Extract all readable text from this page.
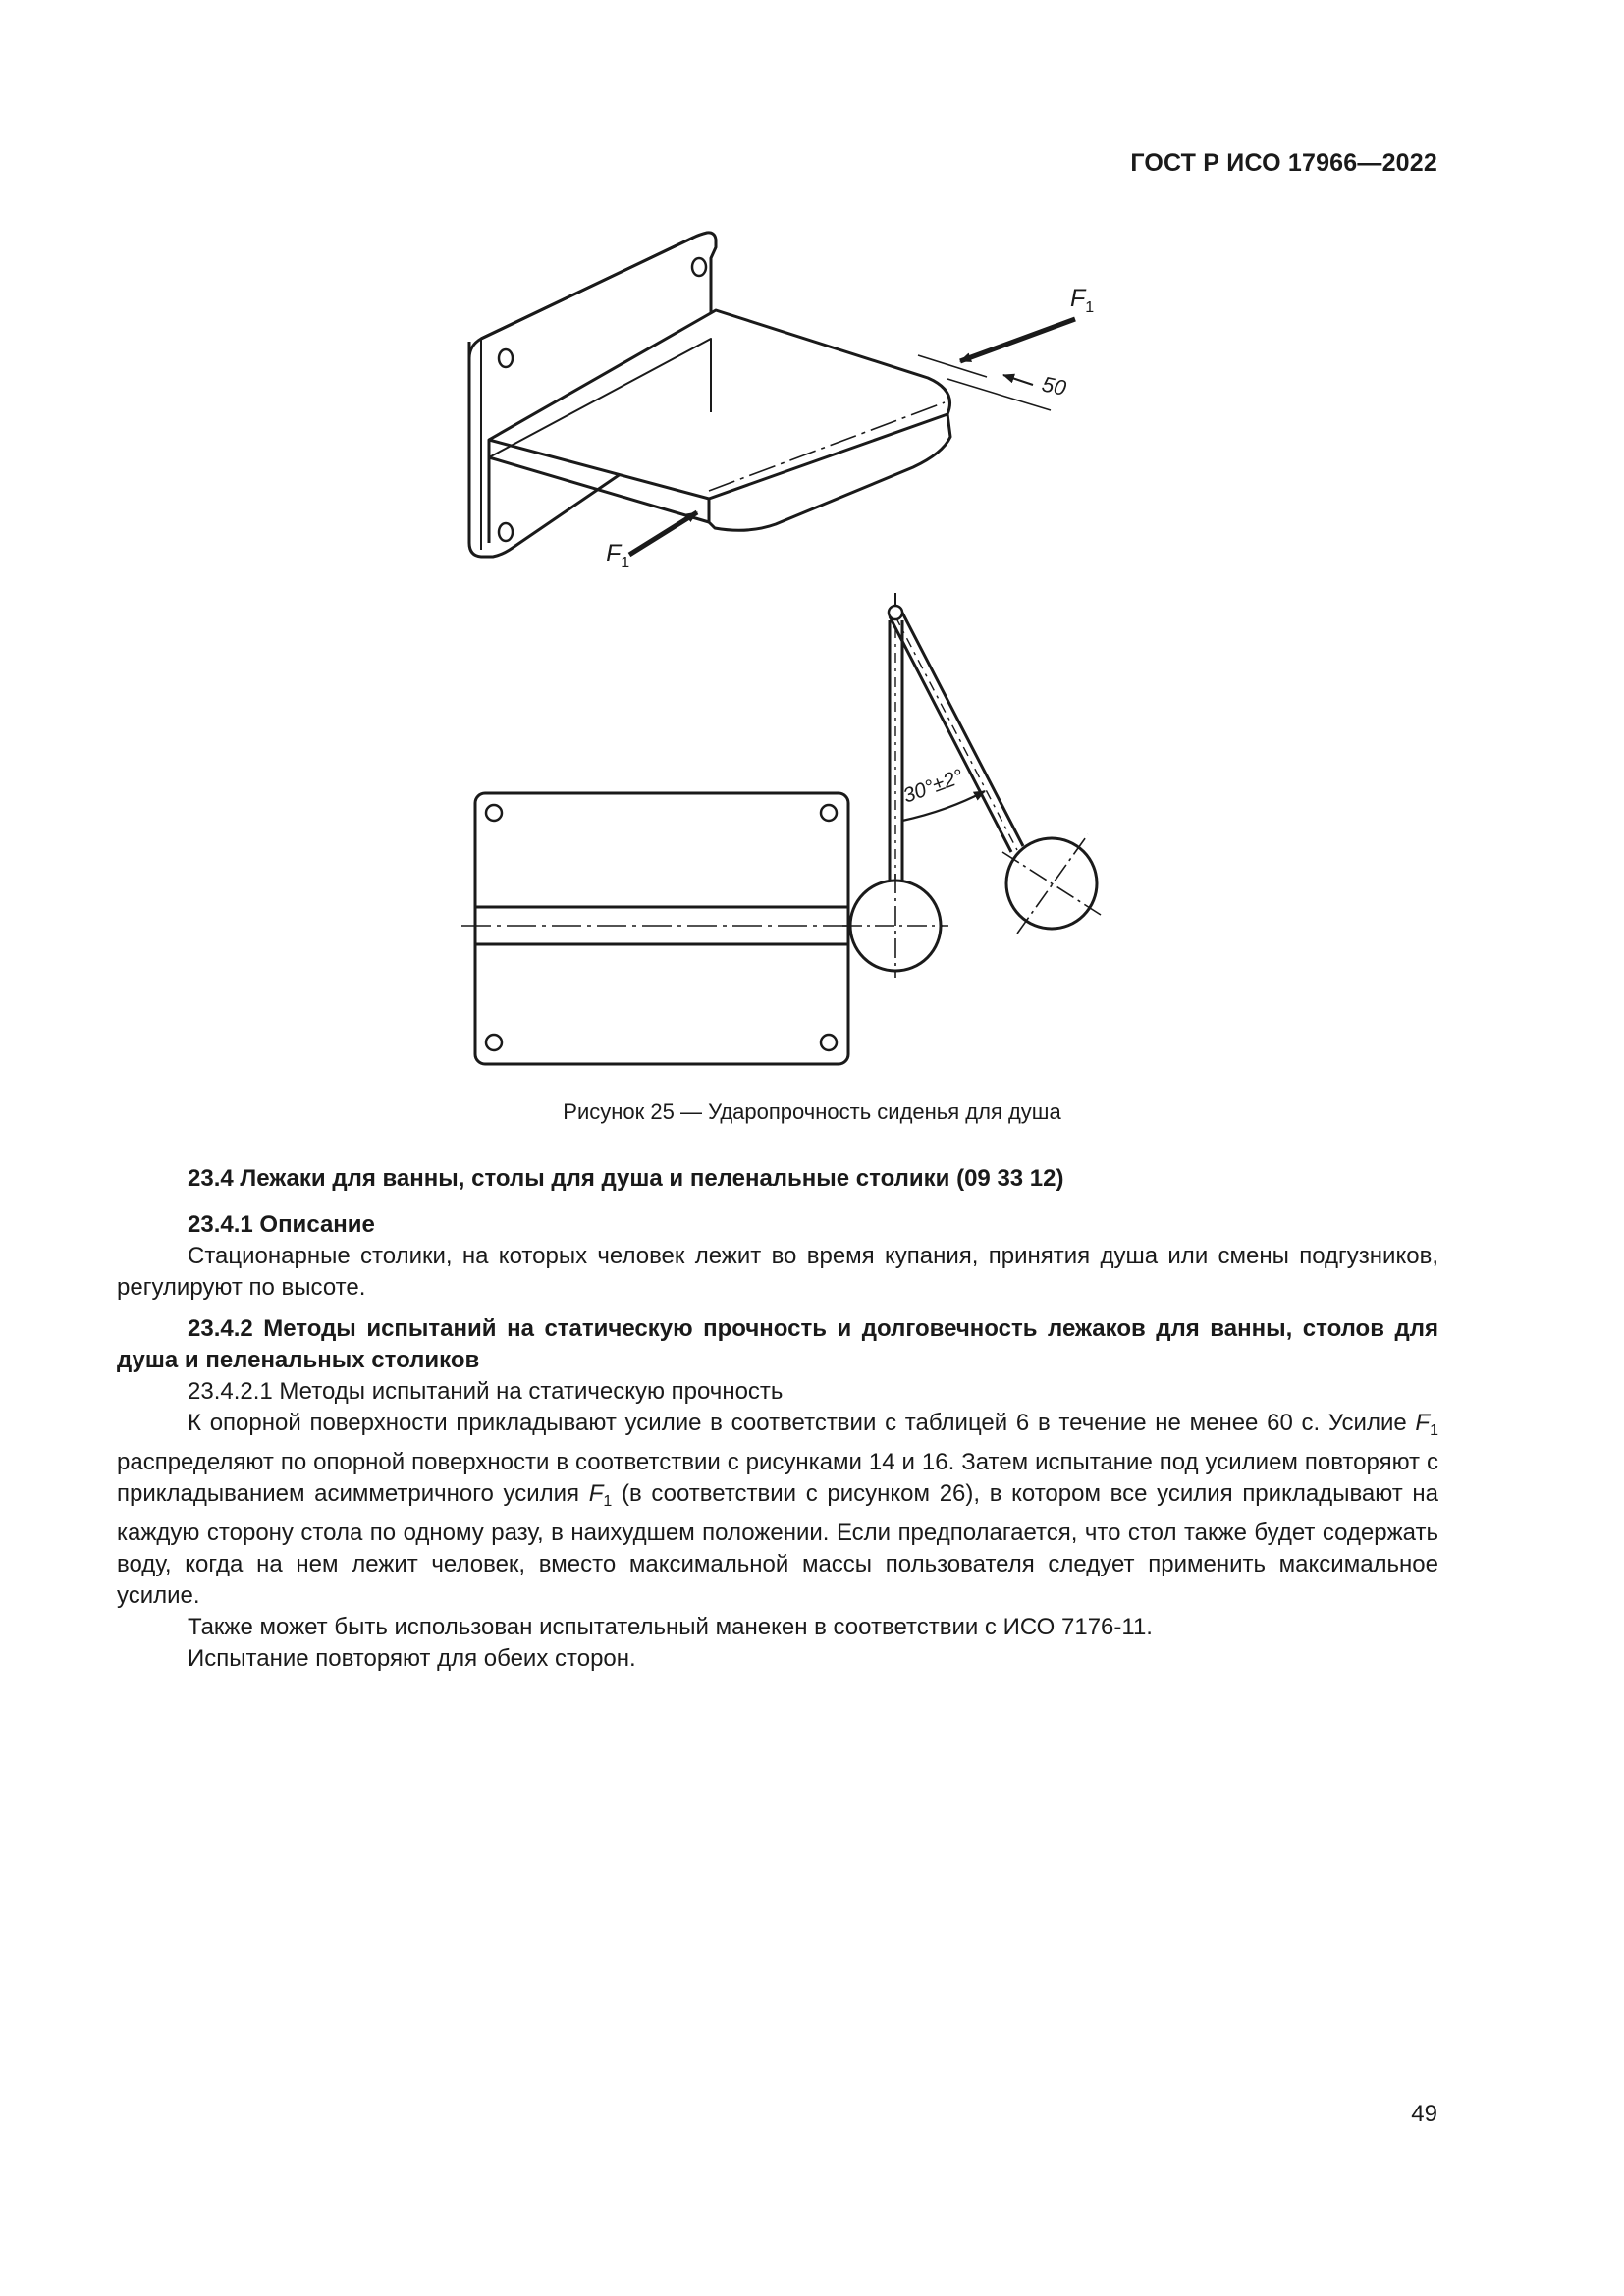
ГОСТ Р ИСО 17966—2022
$F_1$
$F_1$
50
30°±2°
Рисунок 25 — Ударопрочность сиденья для душа

23.4 Лежаки для ванны, столы для душа и пеленальные столики (09 33 12)

23.4.1 Описание

Стационарные столики, на которых человек лежит во время купания, принятия душа или смены подгузников, регулируют по высоте.

23.4.2 Методы испытаний на статическую прочность и долговечность лежаков для ванны, столов для душа и пеленальных столиков

23.4.2.1 Методы испытаний на статическую прочность

К опорной поверхности прикладывают усилие в соответствии с таблицей 6 в течение не менее 60 с. Усилие $F_1$ распределяют по опорной поверхности в соответствии с рисунками 14 и 16. Затем испытание под усилием повторяют с прикладыванием асимметричного усилия $F_1$ (в соответствии с рисунком 26), в котором все усилия прикладывают на каждую сторону стола по одному разу, в наихудшем положении. Если предполагается, что стол также будет содержать воду, когда на нем лежит человек, вместо максимальной массы пользователя следует применить максимальное усилие.

Также может быть использован испытательный манекен в соответствии с ИСО 7176-11.

Испытание повторяют для обеих сторон.

49
